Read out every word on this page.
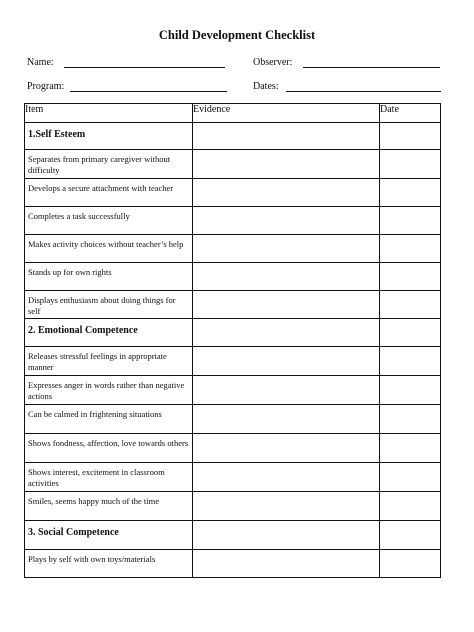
Child Development Checklist
Name:	Observer:
Program:	Dates:
Item	Evidence	Date
1.Self Esteem		
Separates from primary caregiver without difficulty		
Develops a secure attachment with teacher		
Completes a task successfully		
Makes activity choices without teacher’s help		
Stands up for own rights		
Displays enthusiasm about doing things for self		
2. Emotional Competence		
Releases stressful feelings in appropriate manner		
Expresses anger in words rather than negative actions		
Can be calmed in frightening situations		
Shows fondness, affection, love towards others		
Shows interest, excitement in classroom activities		
Smiles, seems happy much of the time		
3. Social Competence		
Plays by self with own toys/materials		
